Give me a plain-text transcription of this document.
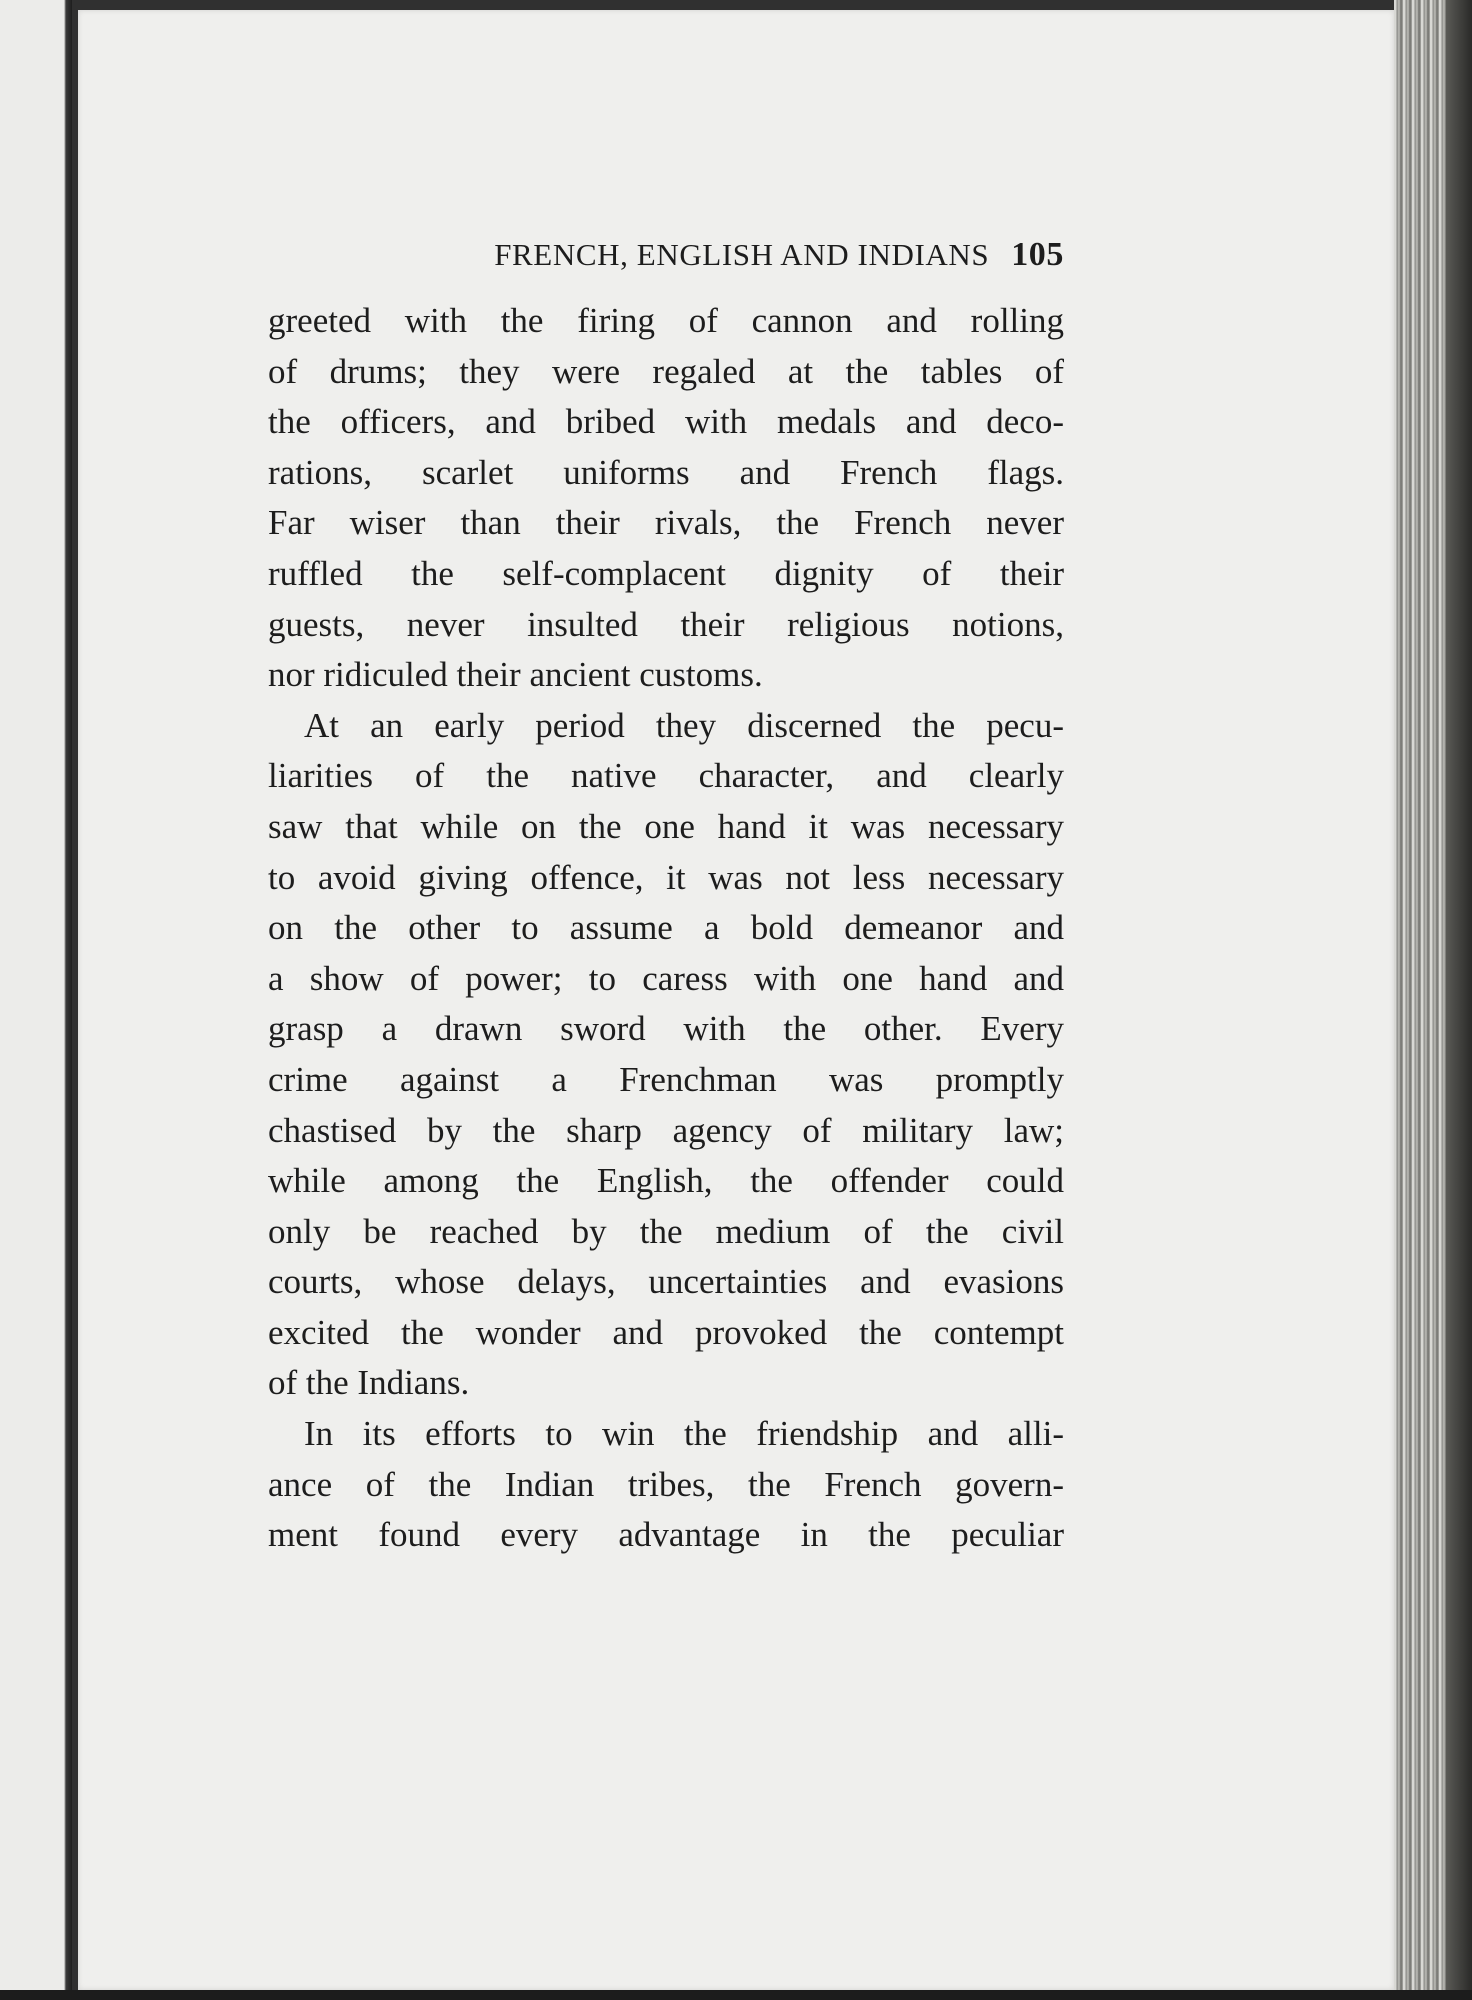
FRENCH, ENGLISH AND INDIANS 105
greeted with the firing of cannon and rolling
of drums; they were regaled at the tables of
the officers, and bribed with medals and deco-
rations, scarlet uniforms and French flags.
Far wiser than their rivals, the French never
ruffled the self-complacent dignity of their
guests, never insulted their religious notions,
nor ridiculed their ancient customs.
At an early period they discerned the pecu-
liarities of the native character, and clearly
saw that while on the one hand it was necessary
to avoid giving offence, it was not less necessary
on the other to assume a bold demeanor and
a show of power; to caress with one hand and
grasp a drawn sword with the other. Every
crime against a Frenchman was promptly
chastised by the sharp agency of military law;
while among the English, the offender could
only be reached by the medium of the civil
courts, whose delays, uncertainties and evasions
excited the wonder and provoked the contempt
of the Indians.
In its efforts to win the friendship and alli-
ance of the Indian tribes, the French govern-
ment found every advantage in the peculiar
